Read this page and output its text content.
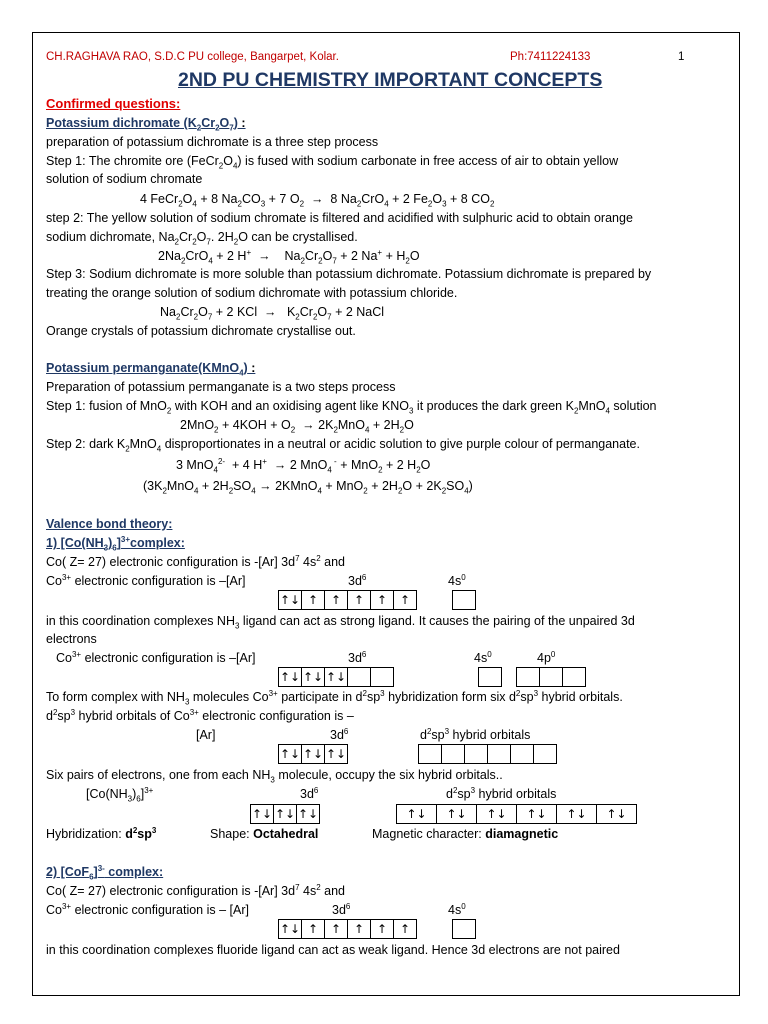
CH.RAGHAVA RAO, S.D.C PU college, Bangarpet, Kolar.	Ph:7411224133	1
2ND PU CHEMISTRY IMPORTANT CONCEPTS
Confirmed questions:
Potassium dichromate $(K_2Cr_2O_7)$ :
preparation of potassium dichromate is a three step process
Step 1: The chromite ore $(FeCr_2O_4)$ is fused with sodium carbonate in free access of air to obtain yellow
solution of sodium chromate
4 $FeCr_2O_4 + 8$ $Na_2CO_3 + 7$ $O_2 \to 8$ $Na_2CrO_4 + 2$ $Fe_2O_3 + 8$ $CO_2$
step 2: The yellow solution of sodium chromate is filtered and acidified with sulphuric acid to obtain orange
sodium dichromate, $Na_2Cr_2O_7$. $2H_2O$ can be crystallised.
$2Na_2CrO_4 + 2$ H+  →    $Na_2Cr_2O_7 + 2$ $Na^+ + H_2O$
Step 3: Sodium dichromate is more soluble than potassium dichromate. Potassium dichromate is prepared by
treating the orange solution of sodium dichromate with potassium chloride.
$Na_2Cr_2O_7 + 2$ KCl  →   $K_2Cr_2O_7 + 2$ NaCl
Orange crystals of potassium dichromate crystallise out.
Potassium permanganate(KMnO$_4$) :
Preparation of potassium permanganate is a two steps process
Step 1: fusion of MnO$_2$ with KOH and an oxidising agent like $KNO_3$ it produces the dark green $K_2MnO_4$ solution
$2MnO_2 + 4KOH + O_2 \to 2K_2MnO_4 + 2H_2O$
Step 2: dark $K_2MnO_4$ disproportionates in a neutral or acidic solution to give purple colour of permanganate.
3 MnO$_4^{2-}$  + 4 H+  → 2 MnO$_4$ - + MnO$_2$ + 2 $H_2O$
($3K_2MnO_4 + 2H_2SO_4$ → 2KMnO$_4$ + $MnO_2 + 2H_2O + 2K_2SO_4$)
Valence bond theory:
1) $[Co(NH_3)_6]^{3+}complex$:
Co( Z= 27) electronic configuration is -[Ar] $3d^7$ $4s^2$ and
$Co^{3+}$ electronic configuration is –[Ar]	$3d^6$	$4s^0$
↑↓ ↑	↑	↑	↑	↑
in this coordination complexes $NH_3$ ligand can act as strong ligand. It causes the pairing of the unpaired 3d
electrons
$Co^{3+}$ electronic configuration is –[Ar]	$3d^6$	$4s^0$	$4p^0$
↑↓ ↑↓ ↑↓
To form complex with $NH_3$ molecules $Co^{3+}$ participate in $d^2sp^3$ hybridization form six $d^2sp^3$ hybrid orbitals.
$d^2sp^3$ hybrid orbitals of $Co^{3+}$ electronic configuration is –
[Ar]	$3d^6$	$d^2sp^3$ hybrid orbitals
↑↓ ↑↓ ↑↓
Six pairs of electrons, one from each $NH_3$ molecule, occupy the six hybrid orbitals..
$[Co(NH_3)_6]^{3+}$	$3d^6$	$d^2sp^3$ hybrid orbitals
↑↓ ↑↓ ↑↓	↑↓	↑↓	↑↓	↑↓	↑↓	↑↓
Hybridization: $d^2sp^3$	Shape: Octahedral	Magnetic character: diamagnetic
2) $[CoF_6]^{3-}$ complex:
Co( Z= 27) electronic configuration is -[Ar] $3d^7$ $4s^2$ and
$Co^{3+}$ electronic configuration is – [Ar]	$3d^6$	$4s^0$
↑↓ ↑	↑	↑	↑	↑
in this coordination complexes fluoride ligand can act as weak ligand. Hence 3d electrons are not paired
